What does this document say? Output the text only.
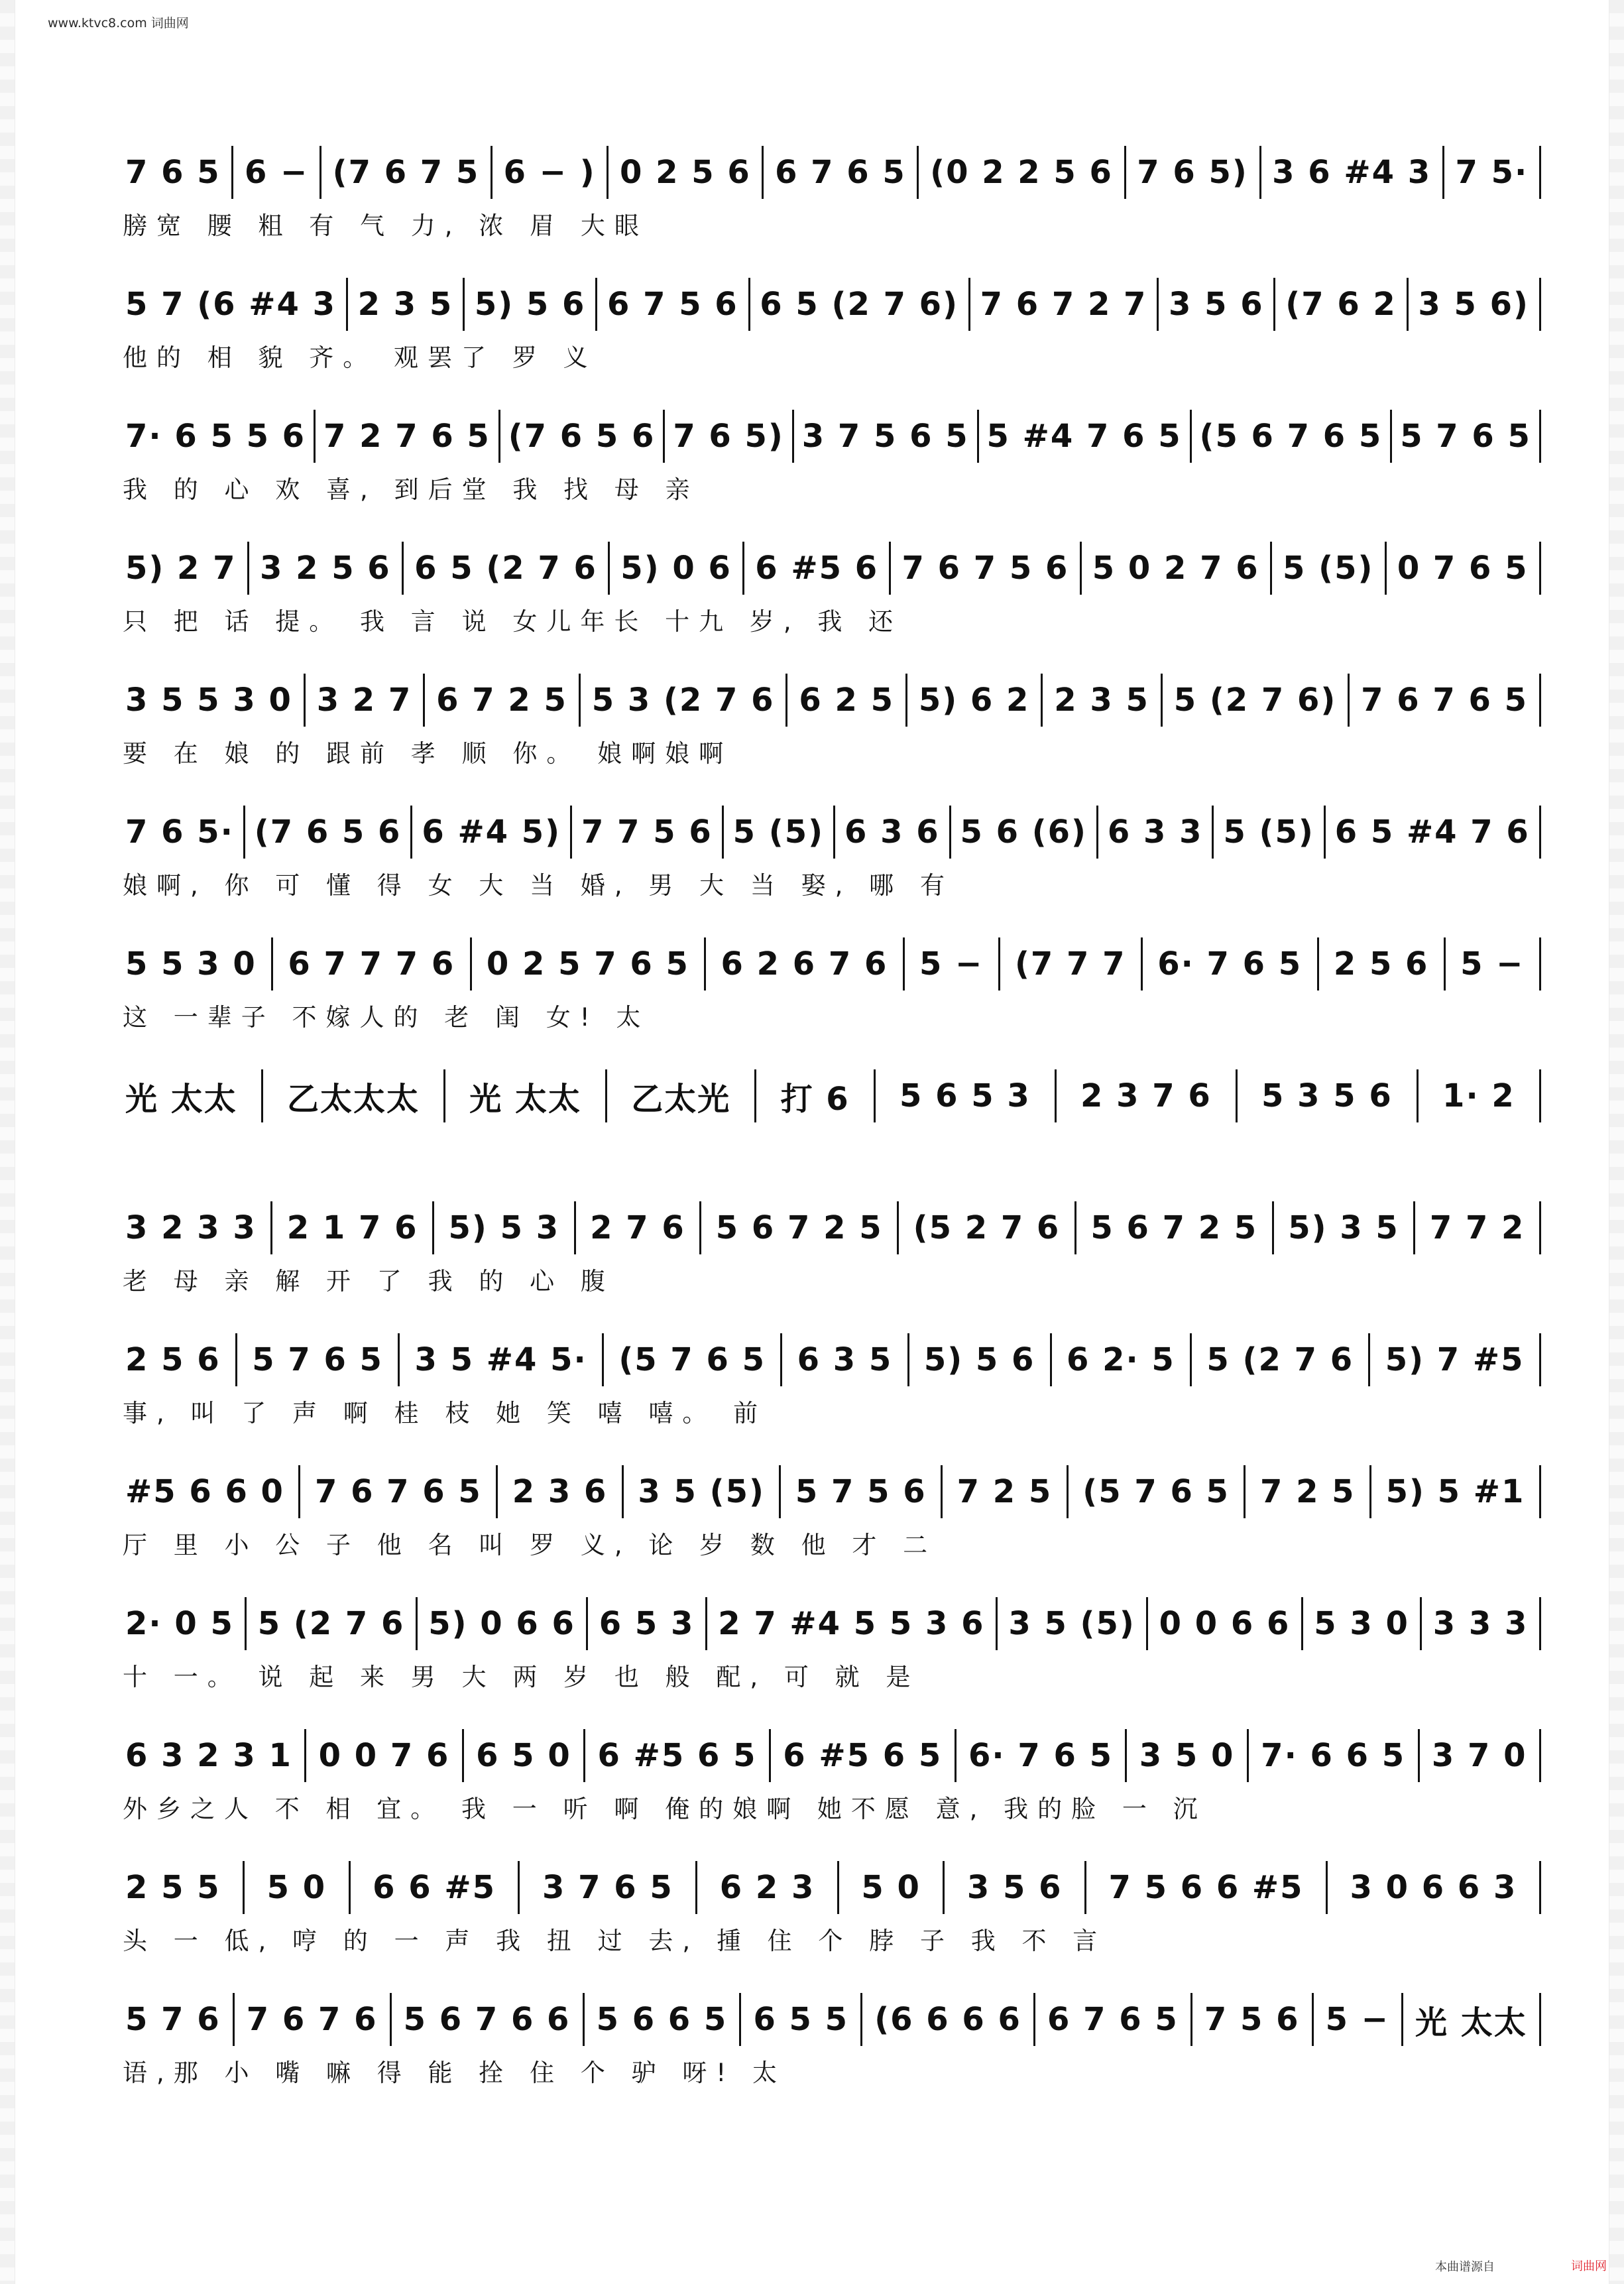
www.ktvc8.com 词曲网
7 6 5 6 − (7 6 7 5 6 − ) 0 2 5 6 6 7 6 5 (0 2 2 5 6 7 6 5) 3 6 #4 3 7 5·
膀宽 腰 粗 有 气 力, 浓 眉 大眼
5 7 (6 #4 3 2 3 5 5) 5 6 6 7 5 6 6 5 (2 7 6) 7 6 7 2 7 3 5 6 (7 6 2 3 5 6)
他的 相 貌 齐。 观罢了 罗 义
7· 6 5 5 6 7 2 7 6 5 (7 6 5 6 7 6 5) 3 7 5 6 5 5 #4 7 6 5 (5 6 7 6 5 5 7 6 5
我 的 心 欢 喜, 到后堂 我 找 母 亲
5) 2 7 3 2 5 6 6 5 (2 7 6 5) 0 6 6 #5 6 7 6 7 5 6 5 0 2 7 6 5 (5) 0 7 6 5
只 把 话 提。 我 言 说 女儿年长 十九 岁, 我 还
3 5 5 3 0 3 2 7 6 7 2 5 5 3 (2 7 6 6 2 5 5) 6 2 2 3 5 5 (2 7 6) 7 6 7 6 5
要 在 娘 的 跟前 孝 顺 你。 娘啊娘啊
7 6 5· (7 6 5 6 6 #4 5) 7 7 5 6 5 (5) 6 3 6 5 6 (6) 6 3 3 5 (5) 6 5 #4 7 6
娘啊, 你 可 懂 得 女 大 当 婚, 男 大 当 娶, 哪 有
5 5 3 0 6 7 7 7 6 0 2 5 7 6 5 6 2 6 7 6 5 − (7 7 7 6· 7 6 5 2 5 6 5 −
这 一辈子 不嫁人的 老 闺 女! 太
光 太太 乙太太太 光 太太 乙太光 打 6 5 6 5 3 2 3 7 6 5 3 5 6 1· 2
3 2 3 3 2 1 7 6 5) 5 3 2 7 6 5 6 7 2 5 (5 2 7 6 5 6 7 2 5 5) 3 5 7 7 2
老 母 亲 解 开 了 我 的 心 腹
2 5 6 5 7 6 5 3 5 #4 5· (5 7 6 5 6 3 5 5) 5 6 6 2· 5 5 (2 7 6 5) 7 #5
事, 叫 了 声 啊 桂 枝 她 笑 嘻 嘻。 前
#5 6 6 0 7 6 7 6 5 2 3 6 3 5 (5) 5 7 5 6 7 2 5 (5 7 6 5 7 2 5 5) 5 #1
厅 里 小 公 子 他 名 叫 罗 义, 论 岁 数 他 才 二
2· 0 5 5 (2 7 6 5) 0 6 6 6 5 3 2 7 #4 5 5 3 6 3 5 (5) 0 0 6 6 5 3 0 3 3 3
十 一。 说 起 来 男 大 两 岁 也 般 配, 可 就 是
6 3 2 3 1 0 0 7 6 6 5 0 6 #5 6 5 6 #5 6 5 6· 7 6 5 3 5 0 7· 6 6 5 3 7 0
外乡之人 不 相 宜。 我 一 听 啊 俺的娘啊 她不愿 意, 我的脸 一 沉
2 5 5 5 0 6 6 #5 3 7 6 5 6 2 3 5 0 3 5 6 7 5 6 6 #5 3 0 6 6 3
头 一 低, 哼 的 一 声 我 扭 过 去, 揰 住 个 脖 子 我 不 言
5 7 6 7 6 7 6 5 6 7 6 6 5 6 6 5 6 5 5 (6 6 6 6 6 7 6 5 7 5 6 5 − 光 太太
语,那 小 嘴 嘛 得 能 拴 住 个 驴 呀! 太
本曲谱源自	词曲网
